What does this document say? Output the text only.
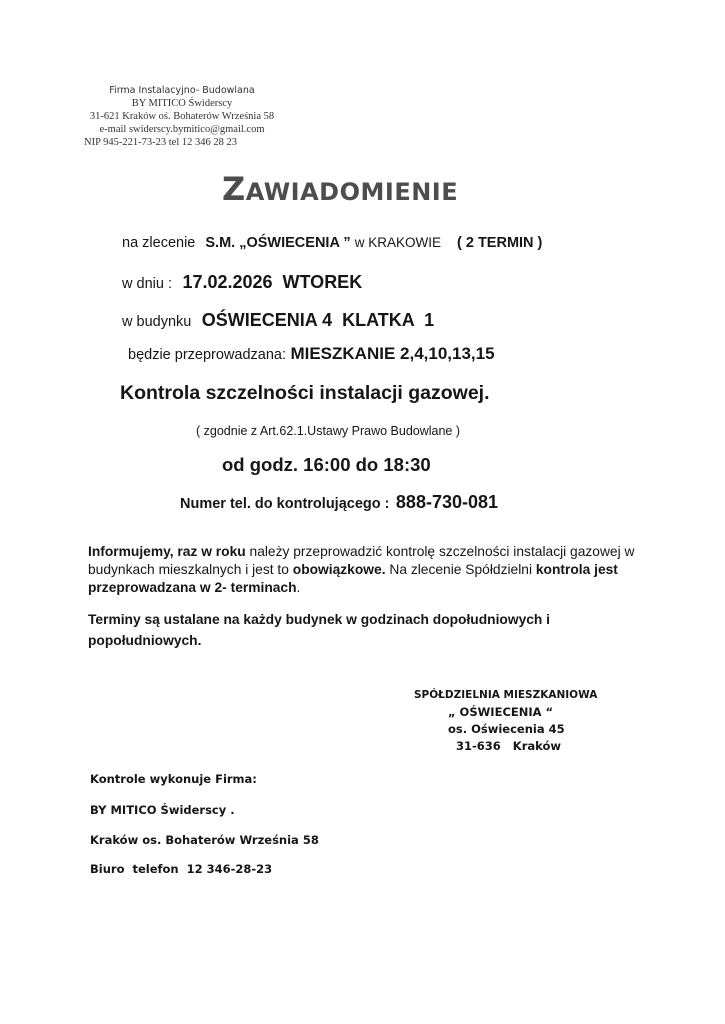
Firma Instalacyjno- Budowlana
BY MITICO Świderscy
31-621 Kraków oś. Bohaterów Września 58
e-mail swiderscy.bymitico@gmail.com
NIP 945-221-73-23 tel 12 346 28 23
ZAWIADOMIENIE
na zlecenie S.M. „OŚWIECENIA ” w KRAKOWIE ( 2 TERMIN )
w dniu : 17.02.2026  WTOREK
w budynku OŚWIECENIA 4  KLATKA  1
będzie przeprowadzana: MIESZKANIE 2,4,10,13,15
Kontrola szczelności instalacji gazowej.
( zgodnie z Art.62.1.Ustawy Prawo Budowlane )
od godz. 16:00 do 18:30
Numer tel. do kontrolującego : 888-730-081
Informujemy, raz w roku należy przeprowadzić kontrolę szczelności instalacji gazowej w budynkach mieszkalnych i jest to obowiązkowe. Na zlecenie Spółdzielni kontrola jest przeprowadzana w 2- terminach.
Terminy są ustalane na każdy budynek w godzinach dopołudniowych i popołudniowych.
SPÓŁDZIELNIA MIESZKANIOWA
„ OŚWIECENIA “
os. Oświecenia 45
31-636   Kraków
Kontrole wykonuje Firma:
BY MITICO Świderscy .
Kraków os. Bohaterów Września 58
Biuro  telefon  12 346-28-23
